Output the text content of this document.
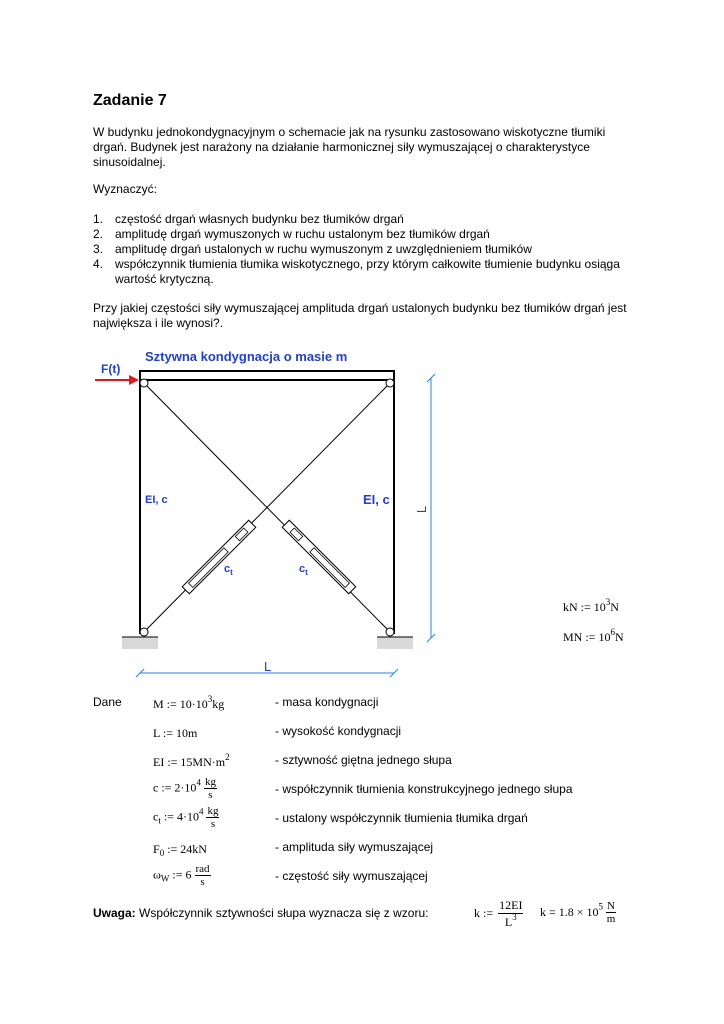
Zadanie 7
W budynku jednokondygnacyjnym o schemacie jak na rysunku zastosowano wiskotyczne tłumiki drgań. Budynek jest narażony na działanie harmonicznej siły wymuszającej o charakterystyce sinusoidalnej.
Wyznaczyć:
1. częstość drgań własnych budynku bez tłumików drgań
2. amplitudę drgań wymuszonych w ruchu ustalonym bez tłumików drgań
3. amplitudę drgań ustalonych w ruchu wymuszonym z uwzględnieniem tłumików
4. współczynnik tłumienia tłumika wiskotycznego, przy którym całkowite tłumienie budynku osiąga wartość krytyczną.
Przy jakiej częstości siły wymuszającej amplituda drgań ustalonych budynku bez tłumików drgań jest największa i ile wynosi?.
Sztywna kondygnacja o masie m
F(t)
EI, c	EI, c
$c_t$	$c_t$
L
L
kN := $10^3N$
MN := $10^6N$
Dane	M := $10\cdot 10^3kg$	- masa kondygnacji
L := 10m	- wysokość kondygnacji
EI := $15MN\cdot m^2$	- sztywność giętna jednego słupa
c := $2\cdot 10^4 \frac{kg}{s}$	- współczynnik tłumienia konstrukcyjnego jednego słupa
$c_t$ := $4\cdot 10^4 \frac{kg}{s}$	- ustalony współczynnik tłumienia tłumika drgań
$F_0$ := 24kN	- amplituda siły wymuszającej
$\omega_W$ := $6 \frac{\text{rad}}{s}$	- częstość siły wymuszającej
Uwaga: Współczynnik sztywności słupa wyznacza się z wzoru:	k := $\frac{12EI}{L^3}$ $k = 1.8 \times 10^5 \frac{N}{m}$
